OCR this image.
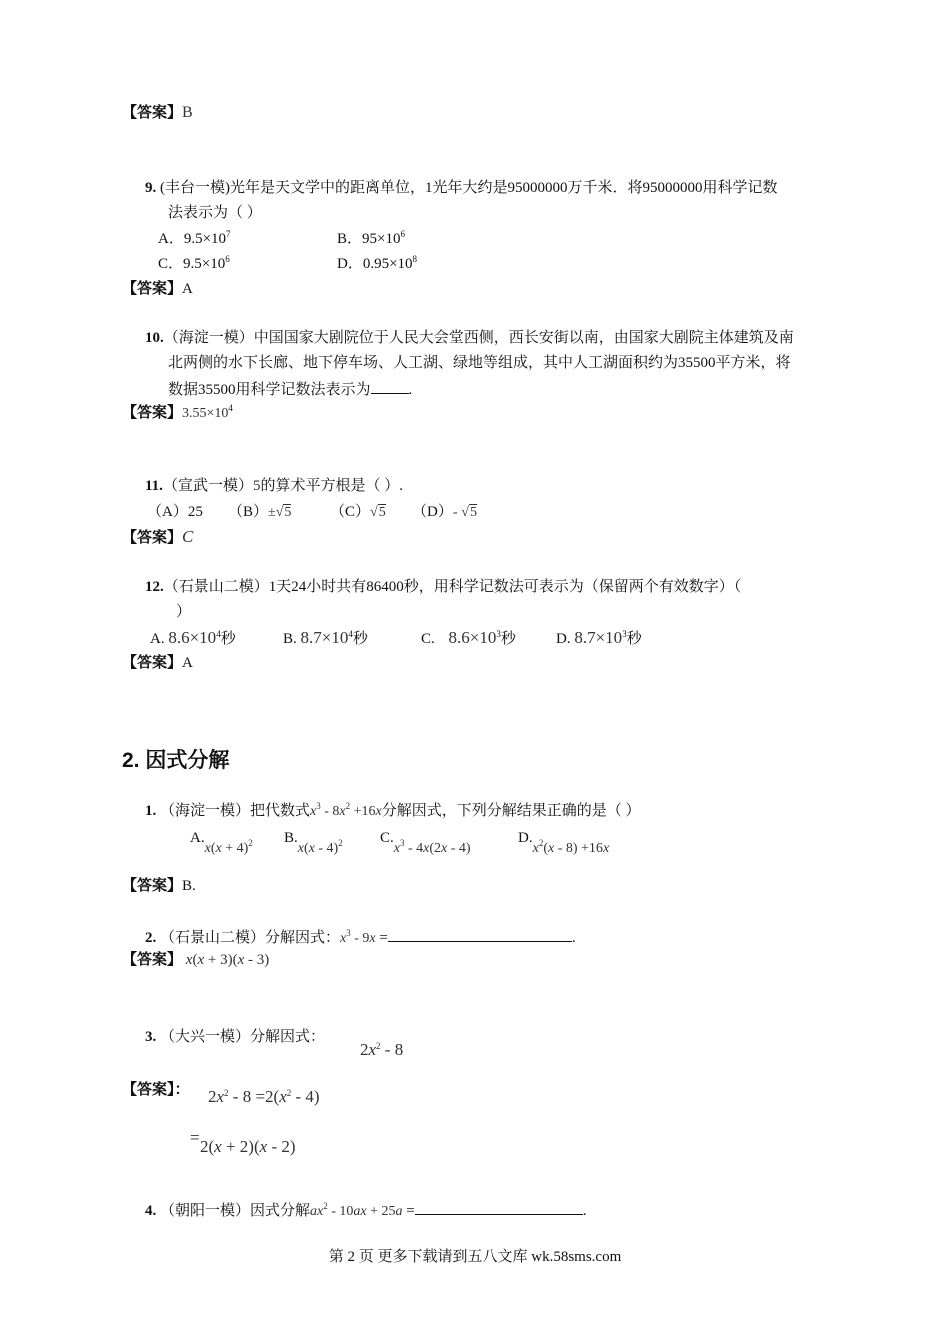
【答案】B
9. (丰台一模)光年是天文学中的距离单位，1光年大约是95000000万千米．将95000000用科学记数
法表示为（ ）
A．$9.5\times 10^7$	B．$95\times 10^6$
C．$9.5\times 10^6$	D．$0.95\times 10^8$
【答案】A
10.（海淀一模）中国国家大剧院位于人民大会堂西侧，西长安街以南，由国家大剧院主体建筑及南
北两侧的水下长廊、地下停车场、人工湖、绿地等组成，其中人工湖面积约为35500平方米，将
数据35500用科学记数法表示为	.
【答案】$3.55\times 10^4$
11.（宣武一模）5的算术平方根是（ ）.
（A）25 （B）±√5	（C）√5 （D）- √5
【答案】C
12.（石景山二模）1天24小时共有86400秒，用科学记数法可表示为（保留两个有效数字）（
）
A. $8.6\times 10^4$秒	B. $8.7\times 10^4$秒	C. $8.6\times 10^3$秒	D. $8.7\times 10^3$秒
【答案】A
2. 因式分解
1. （海淀一模）把代数式$x^3 - 8x^2 +16x$分解因式，下列分解结果正确的是（ ）
$A.x(x + 4)^2$ B.x(x - 4)$^2$ $C.x^3 - 4x(2x - 4)$
$D.x^2(x - 8) +16x$
【答案】B.
2. （石景山二模）分解因式：$x^3 - 9x$ =	.
【答案】 x(x + 3)(x - 3)
3. （大兴一模）分解因式：
$2x^2 - 8$
【答案】： $2x^2 - 8 =2(x^2 - 4)$
= 2(x + 2)(x - 2)
4. （朝阳一模）因式分解$ax^2 - 10ax + 25a$ =	.
第 2 页 更多下载请到五八文库 wk.58sms.com
